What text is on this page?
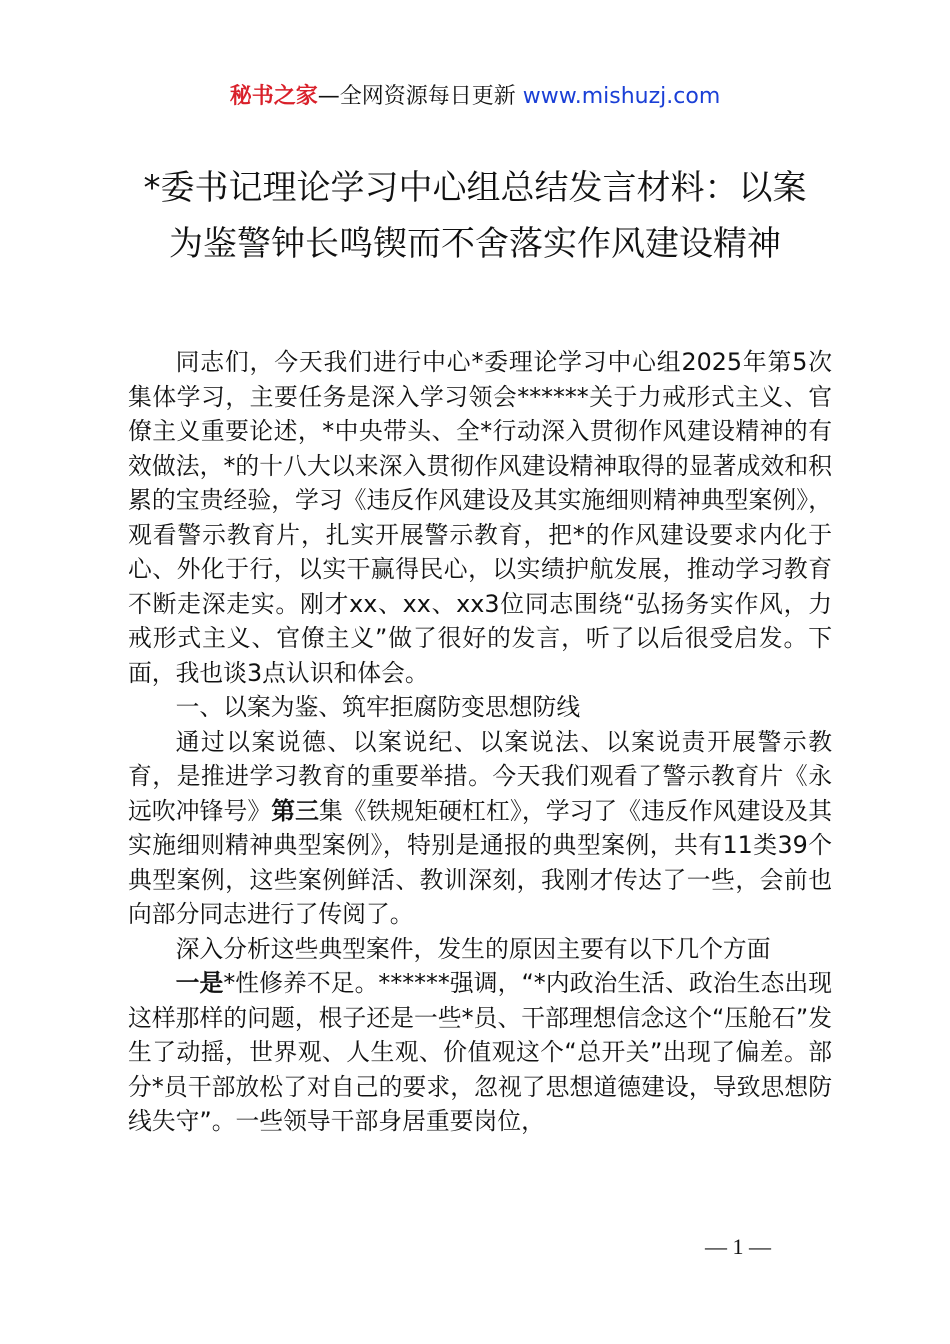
秘书之家—全网资源每日更新 www.mishuzj.com
*委书记理论学习中心组总结发言材料：以案
为鉴警钟长鸣锲而不舍落实作风建设精神

同志们，今天我们进行中心*委理论学习中心组2025年第5次集体学习，主要任务是深入学习领会******关于力戒形式主义、官僚主义重要论述，*中央带头、全*行动深入贯彻作风建设精神的有效做法，*的十八大以来深入贯彻作风建设精神取得的显著成效和积累的宝贵经验，学习《违反作风建设及其实施细则精神典型案例》，观看警示教育片，扎实开展警示教育，把*的作风建设要求内化于心、外化于行，以实干赢得民心，以实绩护航发展，推动学习教育不断走深走实。刚才xx、xx、xx3位同志围绕“弘扬务实作风，力戒形式主义、官僚主义”做了很好的发言，听了以后很受启发。下面，我也谈3点认识和体会。

一、以案为鉴、筑牢拒腐防变思想防线

通过以案说德、以案说纪、以案说法、以案说责开展警示教育，是推进学习教育的重要举措。今天我们观看了警示教育片《永远吹冲锋号》第三集《铁规矩硬杠杠》，学习了《违反作风建设及其实施细则精神典型案例》，特别是通报的典型案例，共有11类39个典型案例，这些案例鲜活、教训深刻，我刚才传达了一些，会前也向部分同志进行了传阅了。

深入分析这些典型案件，发生的原因主要有以下几个方面

一是*性修养不足。******强调，“*内政治生活、政治生态出现这样那样的问题，根子还是一些*员、干部理想信念这个“压舱石”发生了动摇，世界观、人生观、价值观这个“总开关”出现了偏差。部分*员干部放松了对自己的要求，忽视了思想道德建设，导致思想防线失守”。一些领导干部身居重要岗位，

— 1 —
